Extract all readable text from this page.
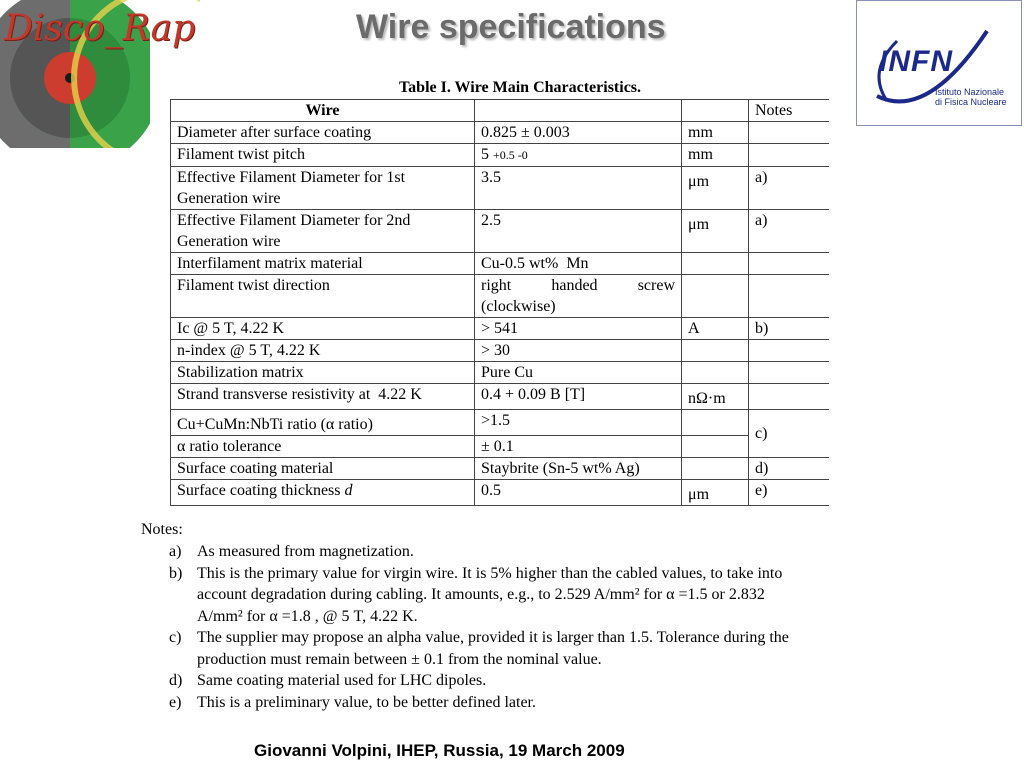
Disco_Rap	Wire specifications
INFN
Istituto Nazionale
di Fisica Nucleare
Table I. Wire Main Characteristics.
Wire			Notes
Diameter after surface coating	0.825 ± 0.003	mm	
Filament twist pitch	5 +0.5 -0	mm	
Effective Filament Diameter for 1st Generation wire	3.5	μm	a)
Effective Filament Diameter for 2nd Generation wire	2.5	μm	a)
Interfilament matrix material	Cu-0.5 wt%  Mn		
Filament twist direction	right handed screw (clockwise)		
Ic @ 5 T, 4.22 K	> 541	A	b)
n-index @ 5 T, 4.22 K	> 30		
Stabilization matrix	Pure Cu		
Strand transverse resistivity at  4.22 K	0.4 + 0.09 B [T]	nΩ·m	
Cu+CuMn:NbTi ratio (α ratio)	>1.5		c)
α ratio tolerance	± 0.1		
Surface coating material	Staybrite (Sn-5 wt% Ag)		d)
Surface coating thickness d	0.5	μm	e)
Notes:
a) As measured from magnetization.
b) This is the primary value for virgin wire. It is 5% higher than the cabled values, to take into account degradation during cabling. It amounts, e.g., to 2.529 A/mm² for α =1.5 or 2.832 A/mm² for α =1.8 , @ 5 T, 4.22 K.
c) The supplier may propose an alpha value, provided it is larger than 1.5. Tolerance during the production must remain between ± 0.1 from the nominal value.
d) Same coating material used for LHC dipoles.
e) This is a preliminary value, to be better defined later.
Giovanni Volpini, IHEP, Russia, 19 March 2009
